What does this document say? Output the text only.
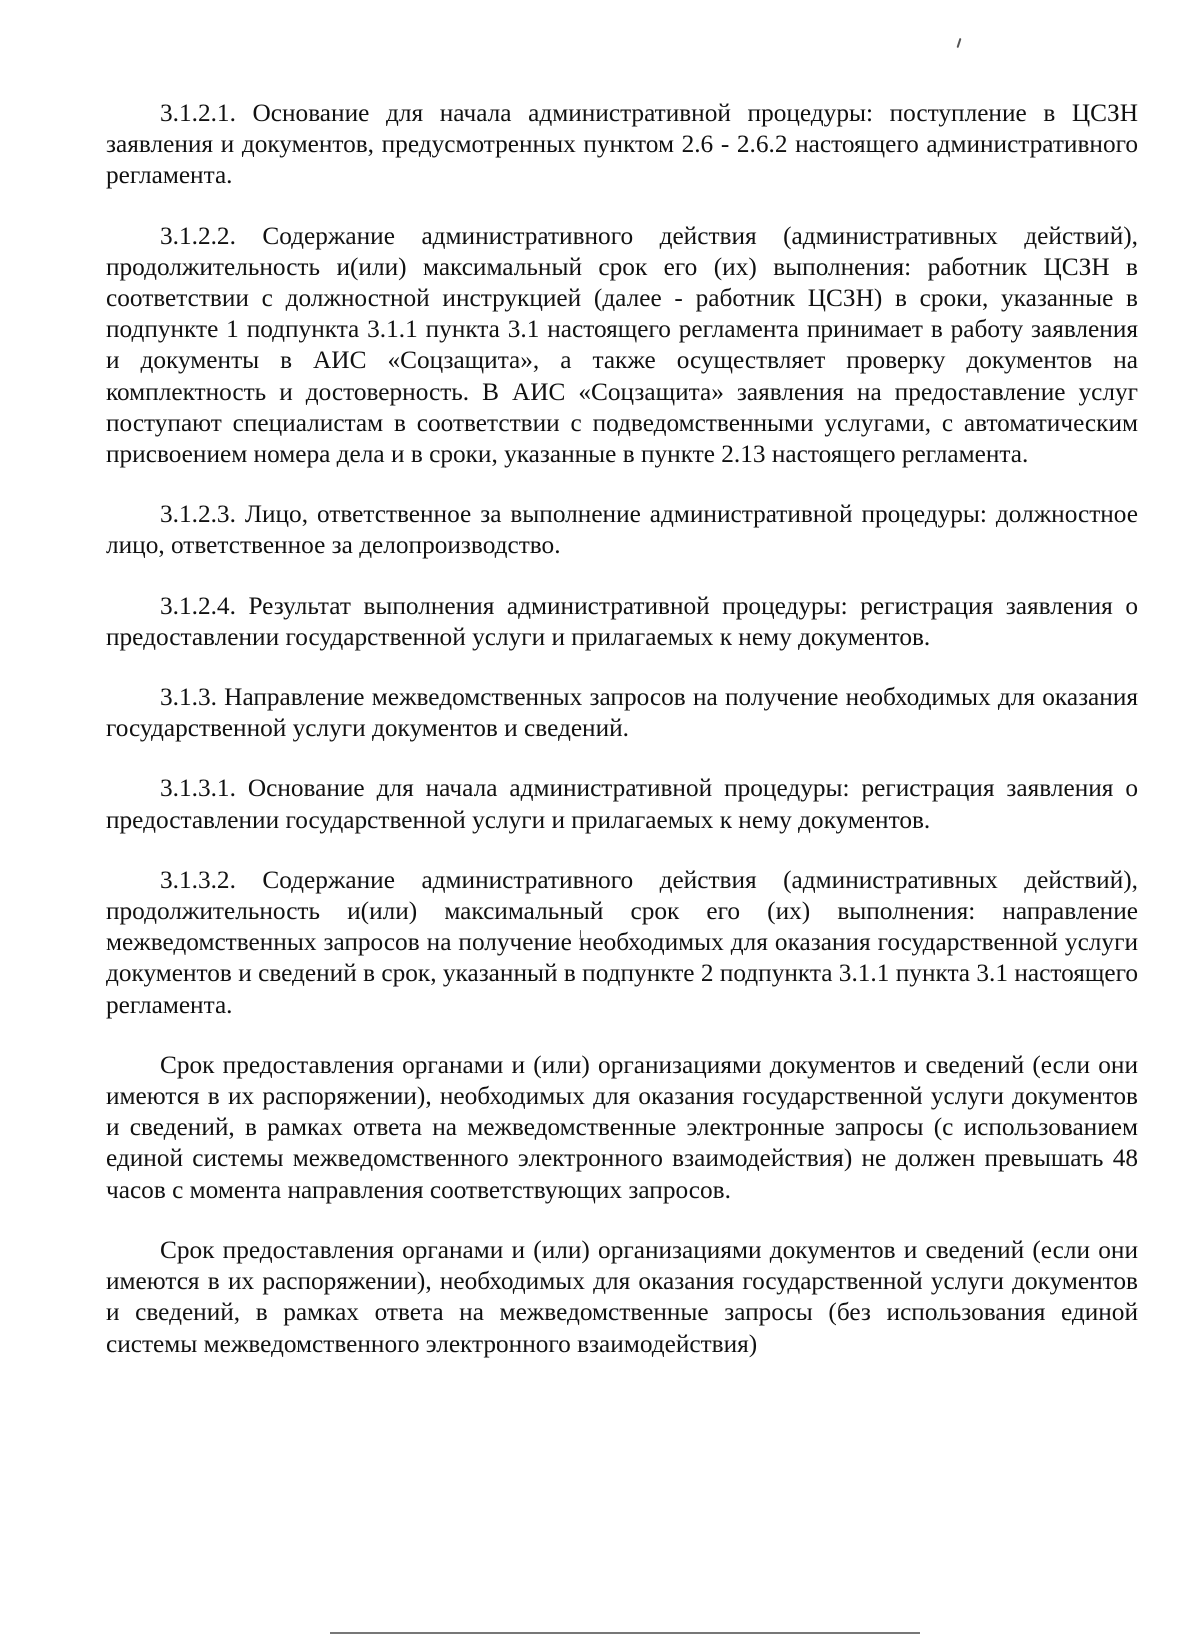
3.1.2.1. Основание для начала административной процедуры: поступление в ЦСЗН заявления и документов, предусмотренных пунктом 2.6 - 2.6.2 настоящего административного регламента.

3.1.2.2. Содержание административного действия (административных действий), продолжительность и(или) максимальный срок его (их) выполнения: работник ЦСЗН в соответствии с должностной инструкцией (далее - работник ЦСЗН) в сроки, указанные в подпункте 1 подпункта 3.1.1 пункта 3.1 настоящего регламента принимает в работу заявления и документы в АИС «Соцзащита», а также осуществляет проверку документов на комплектность и достоверность. В АИС «Соцзащита» заявления на предоставление услуг поступают специалистам в соответствии с подведомственными услугами, с автоматическим присвоением номера дела и в сроки, указанные в пункте 2.13 настоящего регламента.

3.1.2.3. Лицо, ответственное за выполнение административной процедуры: должностное лицо, ответственное за делопроизводство.

3.1.2.4. Результат выполнения административной процедуры: регистрация заявления о предоставлении государственной услуги и прилагаемых к нему документов.

3.1.3. Направление межведомственных запросов на получение необходимых для оказания государственной услуги документов и сведений.

3.1.3.1. Основание для начала административной процедуры: регистрация заявления о предоставлении государственной услуги и прилагаемых к нему документов.

3.1.3.2. Содержание административного действия (административных действий), продолжительность и(или) максимальный срок его (их) выполнения: направление межведомственных запросов на получение необходимых для оказания государственной услуги документов и сведений в срок, указанный в подпункте 2 подпункта 3.1.1 пункта 3.1 настоящего регламента.

Срок предоставления органами и (или) организациями документов и сведений (если они имеются в их распоряжении), необходимых для оказания государственной услуги документов и сведений, в рамках ответа на межведомственные электронные запросы (с использованием единой системы межведомственного электронного взаимодействия) не должен превышать 48 часов с момента направления соответствующих запросов.

Срок предоставления органами и (или) организациями документов и сведений (если они имеются в их распоряжении), необходимых для оказания государственной услуги документов и сведений, в рамках ответа на межведомственные запросы (без использования единой системы межведомственного электронного взаимодействия)
